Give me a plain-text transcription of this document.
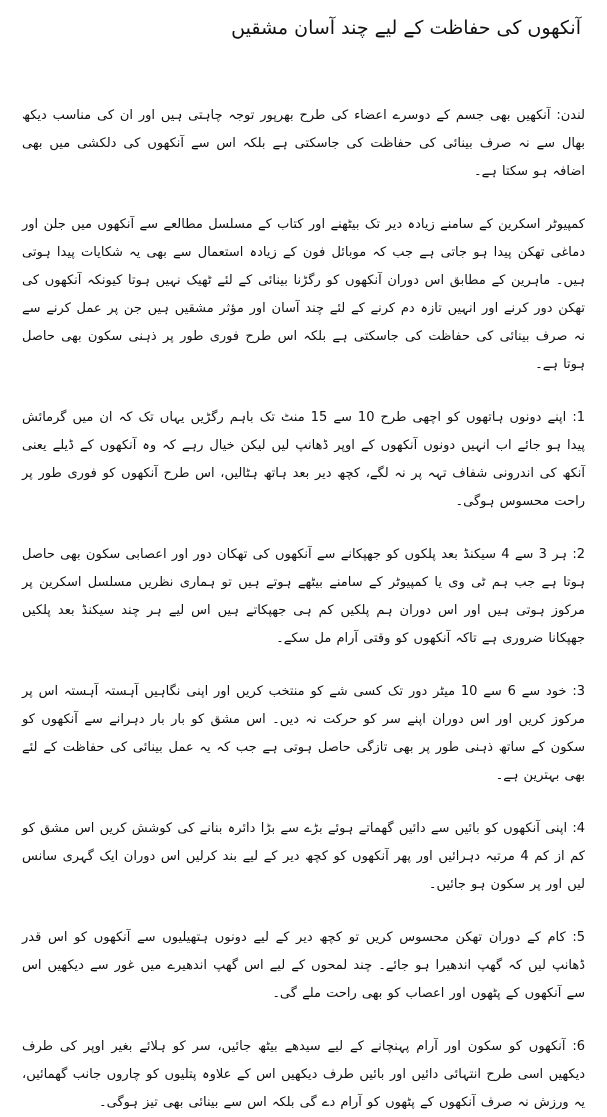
آنکھوں کی حفاظت کے لیے چند آسان مشقیں

لندن: آنکھیں بھی جسم کے دوسرے اعضاء کی طرح بھرپور توجہ چاہتی ہیں اور ان کی مناسب دیکھ بھال سے نہ صرف بینائی کی حفاظت کی جاسکتی ہے بلکہ اس سے آنکھوں کی دلکشی میں بھی اضافہ ہو سکتا ہے۔

کمپیوٹر اسکرین کے سامنے زیادہ دیر تک بیٹھنے اور کتاب کے مسلسل مطالعے سے آنکھوں میں جلن اور دماغی تھکن پیدا ہو جاتی ہے جب کہ موبائل فون کے زیادہ استعمال سے بھی یہ شکایات پیدا ہوتی ہیں۔ ماہرین کے مطابق اس دوران آنکھوں کو رگڑنا بینائی کے لئے ٹھیک نہیں ہوتا کیونکہ آنکھوں کی تھکن دور کرنے اور انہیں تازہ دم کرنے کے لئے چند آسان اور مؤثر مشقیں ہیں جن پر عمل کرنے سے نہ صرف بینائی کی حفاظت کی جاسکتی ہے بلکہ اس طرح فوری طور پر ذہنی سکون بھی حاصل ہوتا ہے۔

1: اپنے دونوں ہاتھوں کو اچھی طرح 10 سے 15 منٹ تک باہم رگڑیں یہاں تک کہ ان میں گرمائش پیدا ہو جائے اب انہیں دونوں آنکھوں کے اوپر ڈھانپ لیں لیکن خیال رہے کہ وہ آنکھوں کے ڈیلے یعنی آنکھ کی اندرونی شفاف تہہ پر نہ لگے، کچھ دیر بعد ہاتھ ہٹالیں، اس طرح آنکھوں کو فوری طور پر راحت محسوس ہوگی۔

2: ہر 3 سے 4 سیکنڈ بعد پلکوں کو جھپکانے سے آنکھوں کی تھکان دور اور اعصابی سکون بھی حاصل ہوتا ہے جب ہم ٹی وی یا کمپیوٹر کے سامنے بیٹھے ہوتے ہیں تو ہماری نظریں مسلسل اسکرین پر مرکوز ہوتی ہیں اور اس دوران ہم پلکیں کم ہی جھپکاتے ہیں اس لیے ہر چند سیکنڈ بعد پلکیں جھپکانا ضروری ہے تاکہ آنکھوں کو وقتی آرام مل سکے۔

3: خود سے 6 سے 10 میٹر دور تک کسی شے کو منتخب کریں اور اپنی نگاہیں آہستہ آہستہ اس پر مرکوز کریں اور اس دوران اپنے سر کو حرکت نہ دیں۔ اس مشق کو بار بار دہرانے سے آنکھوں کو سکون کے ساتھ ذہنی طور پر بھی تازگی حاصل ہوتی ہے جب کہ یہ عمل بینائی کی حفاظت کے لئے بھی بہترین ہے۔

4: اپنی آنکھوں کو بائیں سے دائیں گھماتے ہوئے بڑے سے بڑا دائرہ بنانے کی کوشش کریں اس مشق کو کم از کم 4 مرتبہ دہرائیں اور پھر آنکھوں کو کچھ دیر کے لیے بند کرلیں اس دوران ایک گہری سانس لیں اور پر سکون ہو جائیں۔

5: کام کے دوران تھکن محسوس کریں تو کچھ دیر کے لیے دونوں ہتھیلیوں سے آنکھوں کو اس قدر ڈھانپ لیں کہ گھپ اندھیرا ہو جائے۔ چند لمحوں کے لیے اس گھپ اندھیرے میں غور سے دیکھیں اس سے آنکھوں کے پٹھوں اور اعصاب کو بھی راحت ملے گی۔

6: آنکھوں کو سکون اور آرام پہنچانے کے لیے سیدھے بیٹھ جائیں، سر کو ہلائے بغیر اوپر کی طرف دیکھیں اسی طرح انتہائی دائیں اور بائیں طرف دیکھیں اس کے علاوہ پتلیوں کو چاروں جانب گھمائیں، یہ ورزش نہ صرف آنکھوں کے پٹھوں کو آرام دے گی بلکہ اس سے بینائی بھی تیز ہوگی۔
